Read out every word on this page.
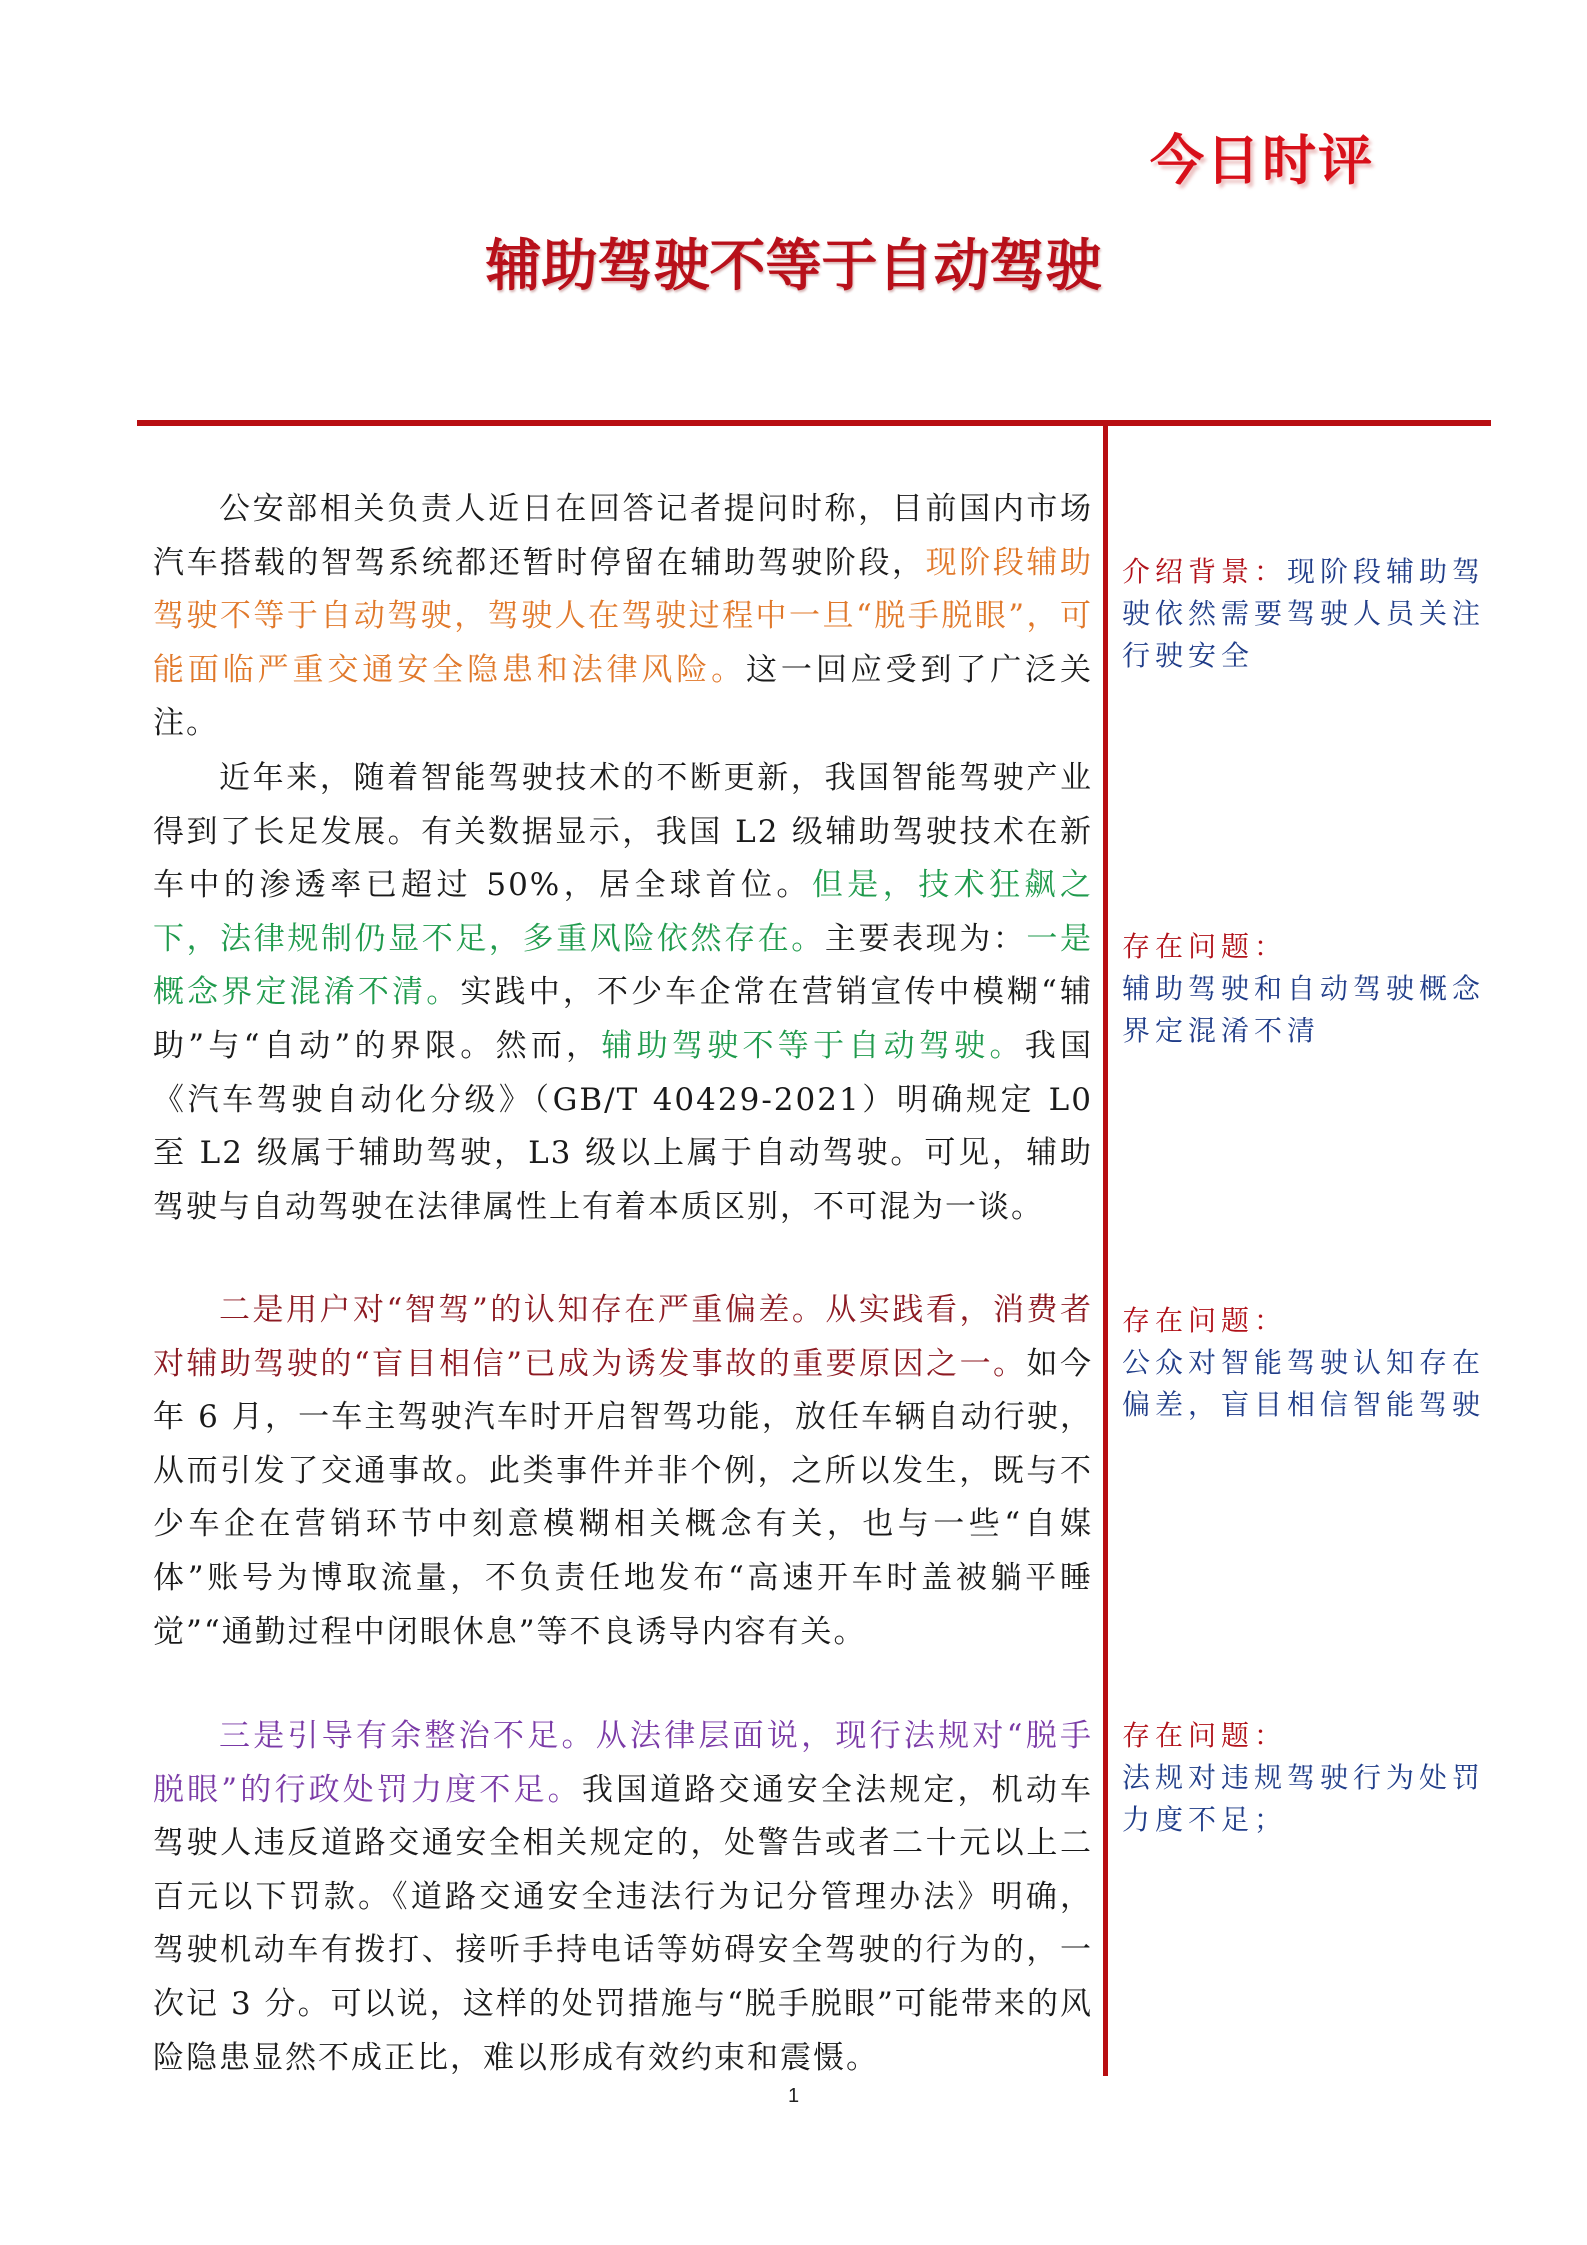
今日时评
辅助驾驶不等于自动驾驶

公安部相关负责人近日在回答记者提问时称，目前国内市场汽车搭载的智驾系统都还暂时停留在辅助驾驶阶段，现阶段辅助驾驶不等于自动驾驶，驾驶人在驾驶过程中一旦“脱手脱眼”，可能面临严重交通安全隐患和法律风险。这一回应受到了广泛关注。

近年来，随着智能驾驶技术的不断更新，我国智能驾驶产业得到了长足发展。有关数据显示，我国 L2 级辅助驾驶技术在新车中的渗透率已超过 50%，居全球首位。但是，技术狂飙之下，法律规制仍显不足，多重风险依然存在。主要表现为：一是概念界定混淆不清。实践中，不少车企常在营销宣传中模糊“辅助”与“自动”的界限。然而，辅助驾驶不等于自动驾驶。我国《汽车驾驶自动化分级》（GB/T 40429-2021）明确规定 L0 至 L2 级属于辅助驾驶，L3 级以上属于自动驾驶。可见，辅助驾驶与自动驾驶在法律属性上有着本质区别，不可混为一谈。

二是用户对“智驾”的认知存在严重偏差。从实践看，消费者对辅助驾驶的“盲目相信”已成为诱发事故的重要原因之一。如今年 6 月，一车主驾驶汽车时开启智驾功能，放任车辆自动行驶，从而引发了交通事故。此类事件并非个例，之所以发生，既与不少车企在营销环节中刻意模糊相关概念有关，也与一些“自媒体”账号为博取流量，不负责任地发布“高速开车时盖被躺平睡觉”“通勤过程中闭眼休息”等不良诱导内容有关。

三是引导有余整治不足。从法律层面说，现行法规对“脱手脱眼”的行政处罚力度不足。我国道路交通安全法规定，机动车驾驶人违反道路交通安全相关规定的，处警告或者二十元以上二百元以下罚款。《道路交通安全违法行为记分管理办法》明确，驾驶机动车有拨打、接听手持电话等妨碍安全驾驶的行为的，一次记 3 分。可以说，这样的处罚措施与“脱手脱眼”可能带来的风险隐患显然不成正比，难以形成有效约束和震慑。

介绍背景：现阶段辅助驾驶依然需要驾驶人员关注行驶安全
存在问题：
辅助驾驶和自动驾驶概念界定混淆不清
存在问题：
公众对智能驾驶认知存在偏差，盲目相信智能驾驶
存在问题：
法规对违规驾驶行为处罚力度不足；
1
